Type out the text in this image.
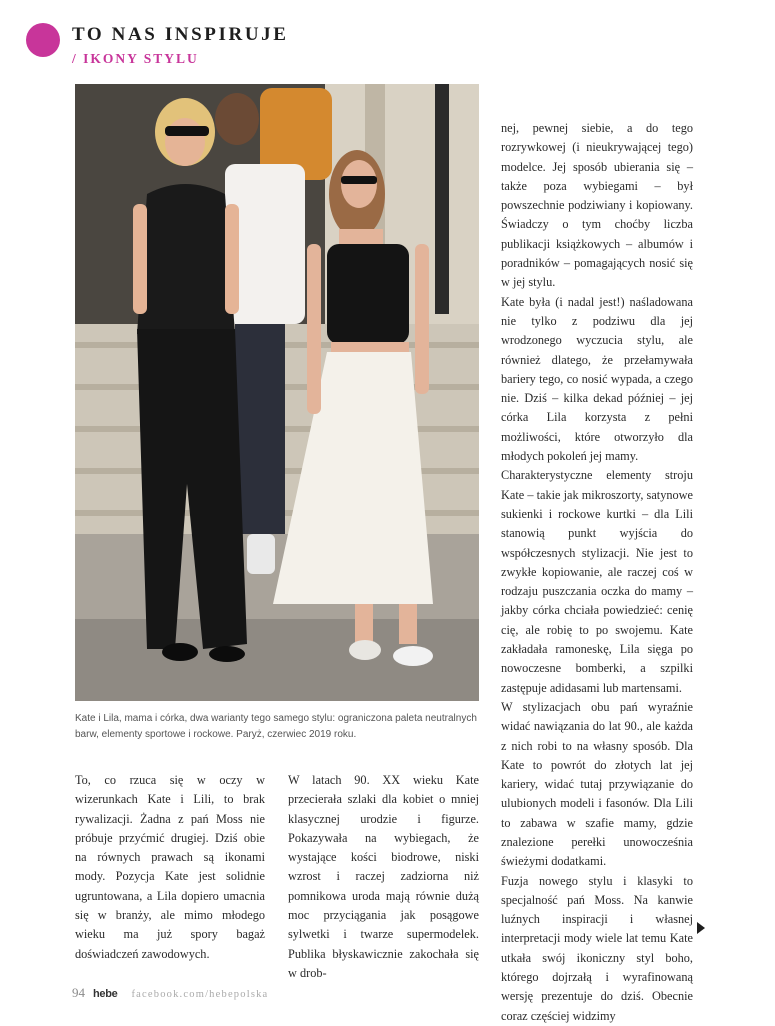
TO NAS INSPIRUJE
/ IKONY STYLU
Kate i Lila, mama i córka, dwa warianty tego samego stylu: ograniczona paleta neutralnych barw, elementy sportowe i rockowe. Paryż, czerwiec 2019 roku.

To, co rzuca się w oczy w wizerunkach Kate i Lili, to brak rywalizacji. Żadna z pań Moss nie próbuje przyćmić drugiej. Dziś obie na równych prawach są ikonami mody. Pozycja Kate jest solidnie ugruntowana, a Lila dopiero umacnia się w branży, ale mimo młodego wieku ma już spory bagaż doświadczeń zawodowych.

W latach 90. XX wieku Kate przecierała szlaki dla kobiet o mniej klasycznej urodzie i figurze. Pokazywała na wybiegach, że wystające kości biodrowe, niski wzrost i raczej zadziorna niż pomnikowa uroda mają równie dużą moc przyciągania jak posągowe sylwetki i twarze supermodelek. Publika błyskawicznie zakochała się w drob-

nej, pewnej siebie, a do tego rozrywkowej (i nieukrywającej tego) modelce. Jej sposób ubierania się – także poza wybiegami – był powszechnie podziwiany i kopiowany. Świadczy o tym choćby liczba publikacji książkowych – albumów i poradników – pomagających nosić się w jej stylu.

Kate była (i nadal jest!) naśladowana nie tylko z podziwu dla jej wrodzonego wyczucia stylu, ale również dlatego, że przełamywała bariery tego, co nosić wypada, a czego nie. Dziś – kilka dekad później – jej córka Lila korzysta z pełni możliwości, które otworzyło dla młodych pokoleń jej mamy.

Charakterystyczne elementy stroju Kate – takie jak mikroszorty, satynowe sukienki i rockowe kurtki – dla Lili stanowią punkt wyjścia do współczesnych stylizacji. Nie jest to zwykłe kopiowanie, ale raczej coś w rodzaju puszczania oczka do mamy – jakby córka chciała powiedzieć: cenię cię, ale robię to po swojemu. Kate zakładała ramoneskę, Lila sięga po nowoczesne bomberki, a szpilki zastępuje adidasami lub martensami.

W stylizacjach obu pań wyraźnie widać nawiązania do lat 90., ale każda z nich robi to na własny sposób. Dla Kate to powrót do złotych lat jej kariery, widać tutaj przywiązanie do ulubionych modeli i fasonów. Dla Lili to zabawa w szafie mamy, gdzie znalezione perełki unowocześnia świeżymi dodatkami.

Fuzja nowego stylu i klasyki to specjalność pań Moss. Na kanwie luźnych inspiracji i własnej interpretacji mody wiele lat temu Kate utkała swój ikoniczny styl boho, którego dojrzałą i wyrafinowaną wersję prezentuje do dziś. Obecnie coraz częściej widzimy

94 hebe facebook.com/hebepolska
